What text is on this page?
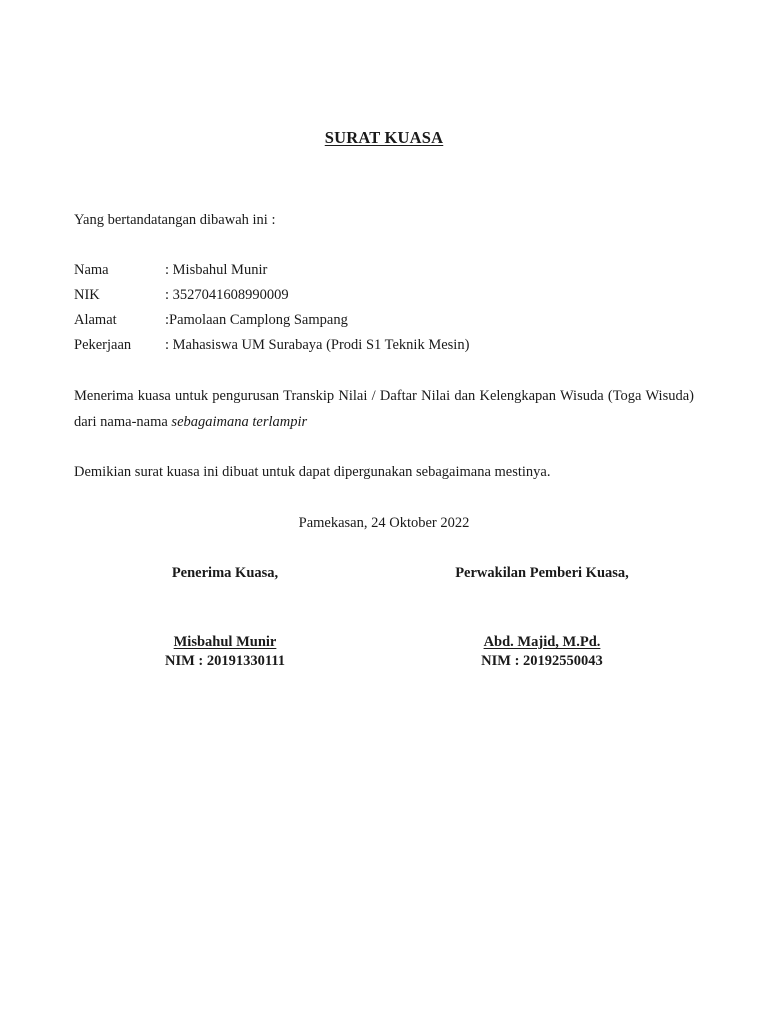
SURAT KUASA
Yang bertandatangan dibawah ini :
Nama	: Misbahul Munir
NIK	: 3527041608990009
Alamat	:Pamolaan Camplong Sampang
Pekerjaan	: Mahasiswa UM Surabaya (Prodi S1 Teknik Mesin)
Menerima kuasa untuk pengurusan Transkip Nilai / Daftar Nilai dan Kelengkapan Wisuda (Toga Wisuda) dari nama-nama sebagaimana terlampir
Demikian surat kuasa ini dibuat untuk dapat dipergunakan sebagaimana mestinya.
Pamekasan, 24 Oktober 2022
Penerima Kuasa,
Misbahul Munir
NIM : 20191330111
Perwakilan Pemberi Kuasa,
Abd. Majid, M.Pd.
NIM : 20192550043
